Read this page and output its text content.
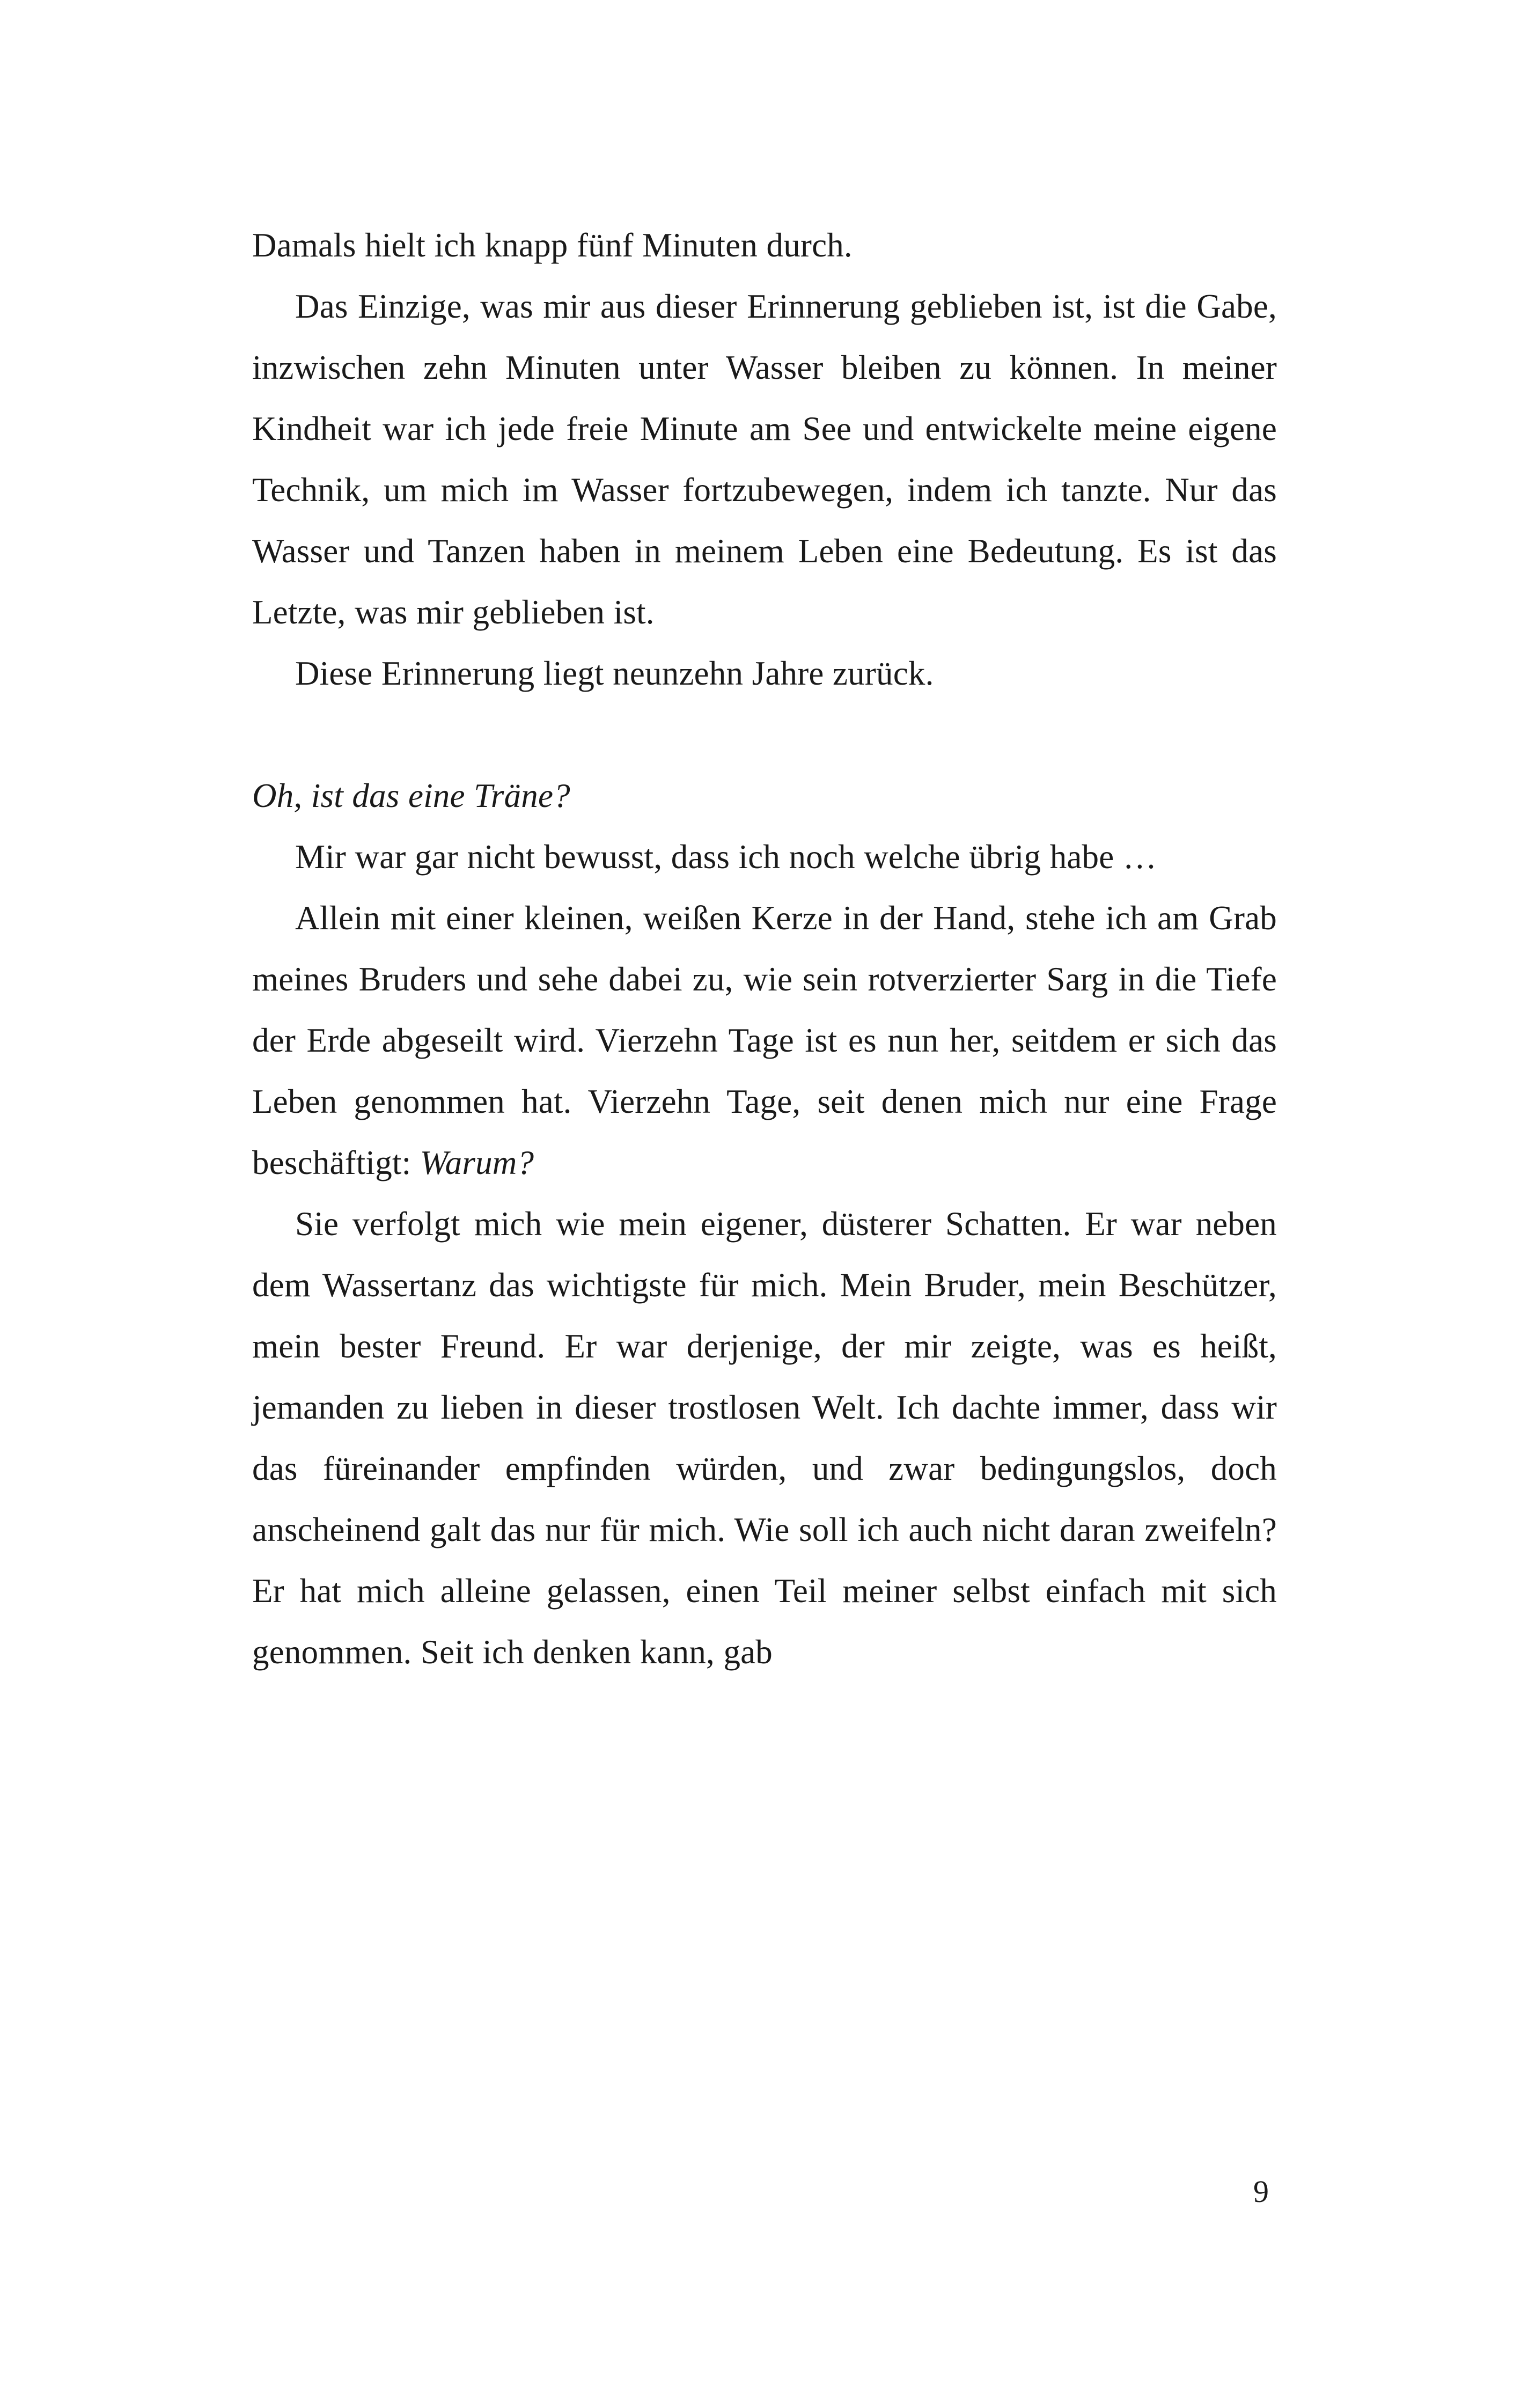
Damals hielt ich knapp fünf Minuten durch.

Das Einzige, was mir aus dieser Erinnerung geblieben ist, ist die Gabe, inzwischen zehn Minuten unter Wasser bleiben zu können. In meiner Kindheit war ich jede freie Minute am See und entwickelte meine eigene Technik, um mich im Wasser fortzubewegen, indem ich tanzte. Nur das Wasser und Tanzen haben in meinem Leben eine Bedeutung. Es ist das Letzte, was mir geblieben ist.

Diese Erinnerung liegt neunzehn Jahre zurück.

Oh, ist das eine Träne?

Mir war gar nicht bewusst, dass ich noch welche übrig habe …

Allein mit einer kleinen, weißen Kerze in der Hand, stehe ich am Grab meines Bruders und sehe dabei zu, wie sein rotverzierter Sarg in die Tiefe der Erde abgeseilt wird. Vierzehn Tage ist es nun her, seitdem er sich das Leben genommen hat. Vierzehn Tage, seit denen mich nur eine Frage beschäftigt: Warum?

Sie verfolgt mich wie mein eigener, düsterer Schatten. Er war neben dem Wassertanz das wichtigste für mich. Mein Bruder, mein Beschützer, mein bester Freund. Er war derjenige, der mir zeigte, was es heißt, jemanden zu lieben in dieser trostlosen Welt. Ich dachte immer, dass wir das füreinander empfinden würden, und zwar bedingungslos, doch anscheinend galt das nur für mich. Wie soll ich auch nicht daran zweifeln? Er hat mich alleine gelassen, einen Teil meiner selbst einfach mit sich genommen. Seit ich denken kann, gab

9
